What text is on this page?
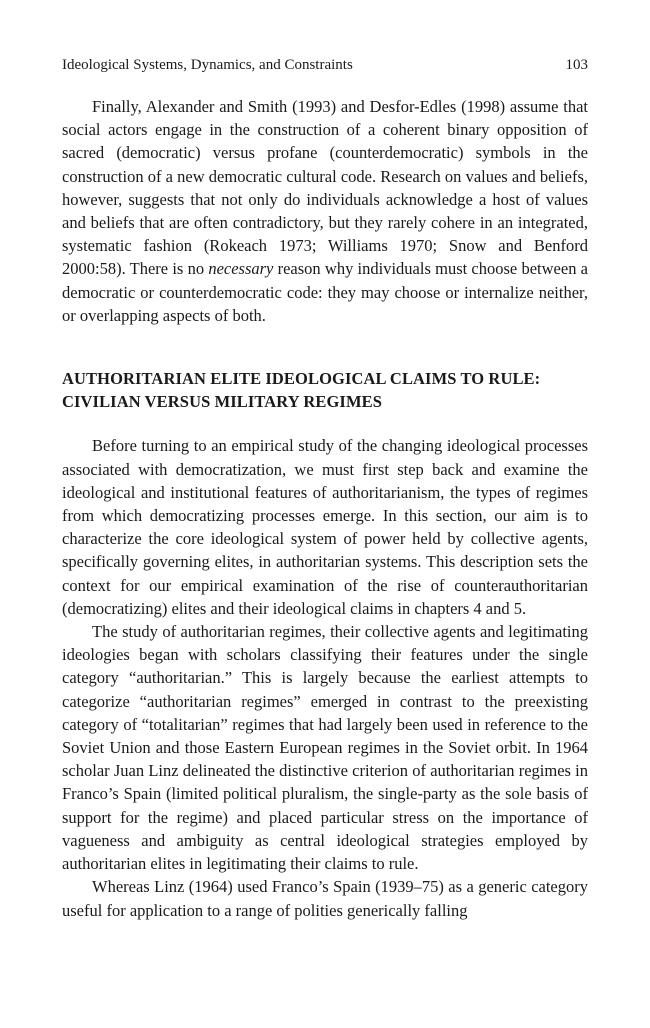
Ideological Systems, Dynamics, and Constraints	103

Finally, Alexander and Smith (1993) and Desfor-Edles (1998) assume that social actors engage in the construction of a coherent binary opposition of sacred (democratic) versus profane (counterdemocratic) symbols in the construction of a new democratic cultural code. Research on values and beliefs, however, suggests that not only do individuals acknowledge a host of values and beliefs that are often contradictory, but they rarely cohere in an integrated, systematic fashion (Rokeach 1973; Williams 1970; Snow and Benford 2000:58). There is no necessary reason why individuals must choose between a democratic or counterdemocratic code: they may choose or internalize neither, or overlapping aspects of both.

AUTHORITARIAN ELITE IDEOLOGICAL CLAIMS TO RULE:
CIVILIAN VERSUS MILITARY REGIMES

Before turning to an empirical study of the changing ideological processes associated with democratization, we must first step back and examine the ideological and institutional features of authoritarianism, the types of regimes from which democratizing processes emerge. In this section, our aim is to characterize the core ideological system of power held by collective agents, specifically governing elites, in authoritarian systems. This description sets the context for our empirical examination of the rise of counterauthoritarian (democratizing) elites and their ideological claims in chapters 4 and 5.

The study of authoritarian regimes, their collective agents and legitimating ideologies began with scholars classifying their features under the single category “authoritarian.” This is largely because the earliest attempts to categorize “authoritarian regimes” emerged in contrast to the preexisting category of “totalitarian” regimes that had largely been used in reference to the Soviet Union and those Eastern European regimes in the Soviet orbit. In 1964 scholar Juan Linz delineated the distinctive criterion of authoritarian regimes in Franco’s Spain (limited political pluralism, the single-party as the sole basis of support for the regime) and placed particular stress on the importance of vagueness and ambiguity as central ideological strategies employed by authoritarian elites in legitimating their claims to rule.

Whereas Linz (1964) used Franco’s Spain (1939–75) as a generic category useful for application to a range of polities generically falling
